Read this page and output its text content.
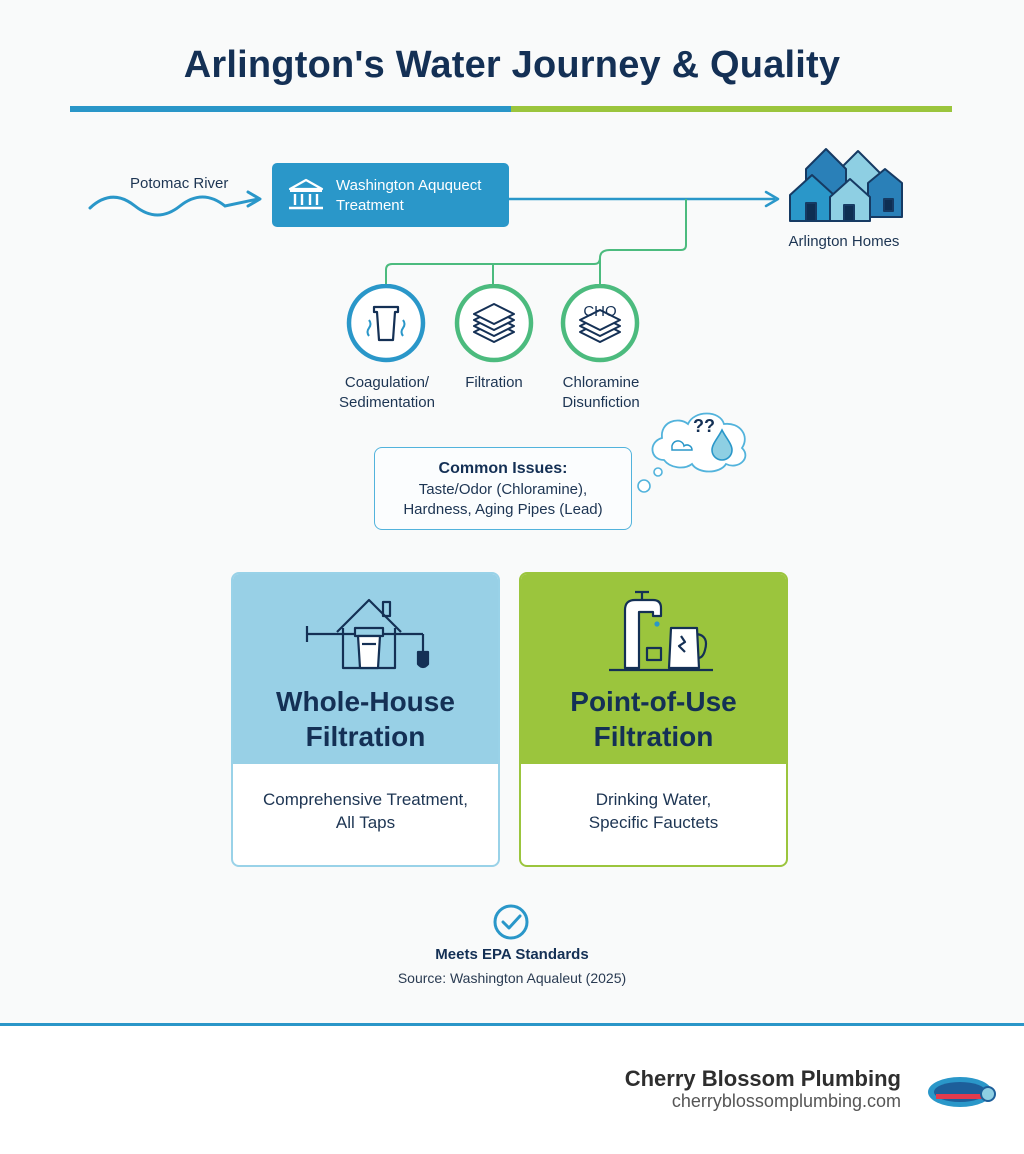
Arlington's Water Journey & Quality
Potomac River	Washington Aququect Treatment
Arlington Homes
CHO
Coagulation/
Sedimentation
Filtration	Chloramine
Disunfiction
Common Issues:
Taste/Odor (Chloramine),
Hardness, Aging Pipes (Lead)
??
Whole-House
Filtration
Comprehensive Treatment,
All Taps
Point-of-Use
Filtration
Drinking Water,
Specific Fauctets
Meets EPA Standards
Source: Washington Aqualeut (2025)
Cherry Blossom Plumbing
cherryblossomplumbing.com
